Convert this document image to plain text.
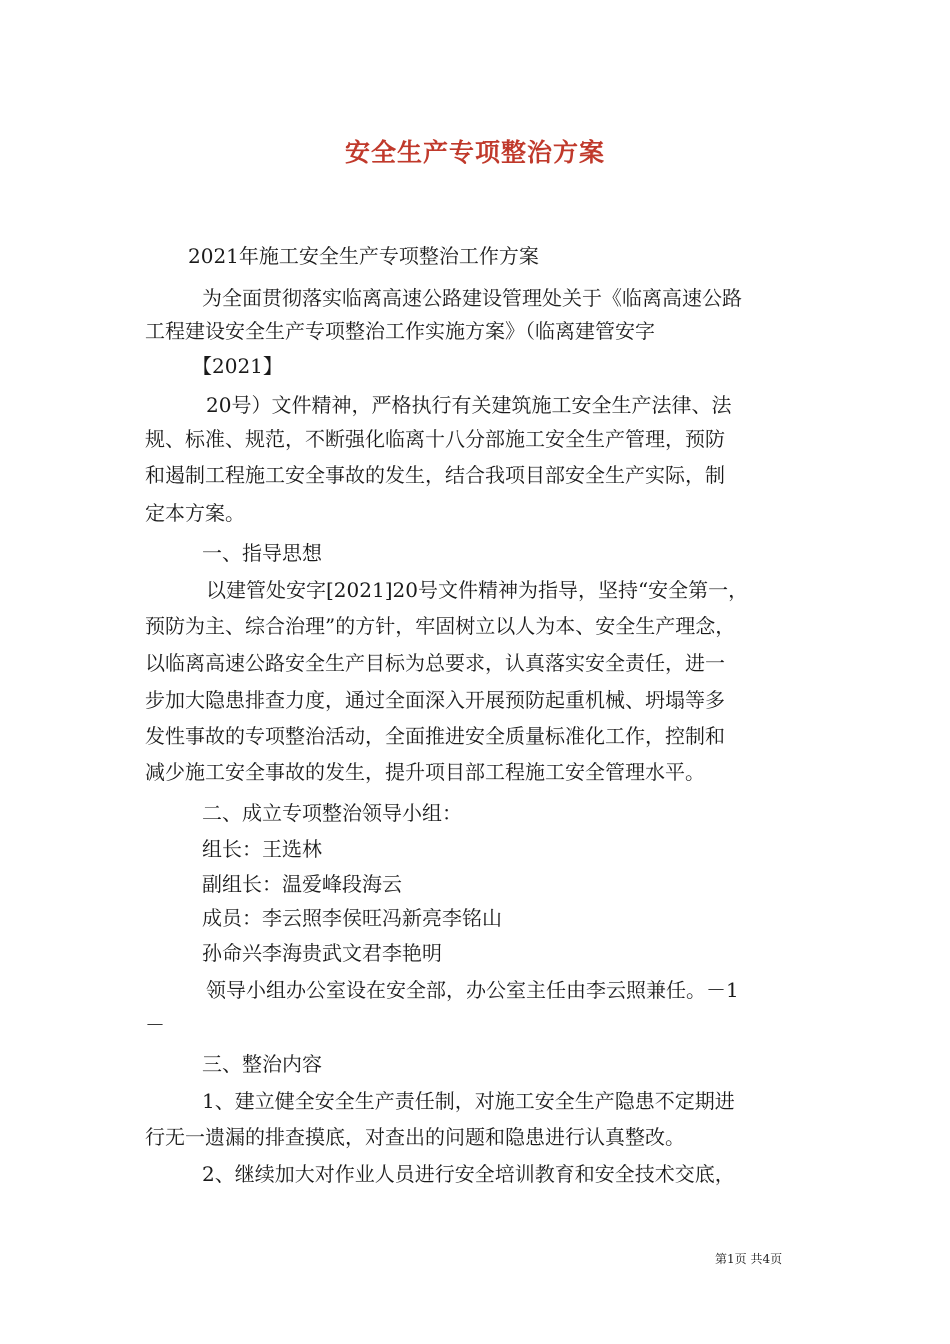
安全生产专项整治方案
2021年施工安全生产专项整治工作方案
为全面贯彻落实临离高速公路建设管理处关于《临离高速公路
工程建设安全生产专项整治工作实施方案》（临离建管安字
【2021】
20号）文件精神，严格执行有关建筑施工安全生产法律、法
规、标准、规范，不断强化临离十八分部施工安全生产管理，预防
和遏制工程施工安全事故的发生，结合我项目部安全生产实际，制
定本方案。
一、指导思想
以建管处安字[2021]20号文件精神为指导，坚持“安全第一，
预防为主、综合治理”的方针，牢固树立以人为本、安全生产理念，
以临离高速公路安全生产目标为总要求，认真落实安全责任，进一
步加大隐患排查力度，通过全面深入开展预防起重机械、坍塌等多
发性事故的专项整治活动，全面推进安全质量标准化工作，控制和
减少施工安全事故的发生，提升项目部工程施工安全管理水平。
二、成立专项整治领导小组：
组长：王选林
副组长：温爱峰段海云
成员：李云照李侯旺冯新亮李铭山
孙命兴李海贵武文君李艳明
领导小组办公室设在安全部，办公室主任由李云照兼任。－1
－
三、整治内容
1、建立健全安全生产责任制，对施工安全生产隐患不定期进
行无一遗漏的排查摸底，对查出的问题和隐患进行认真整改。
2、继续加大对作业人员进行安全培训教育和安全技术交底，
第1页 共4页
